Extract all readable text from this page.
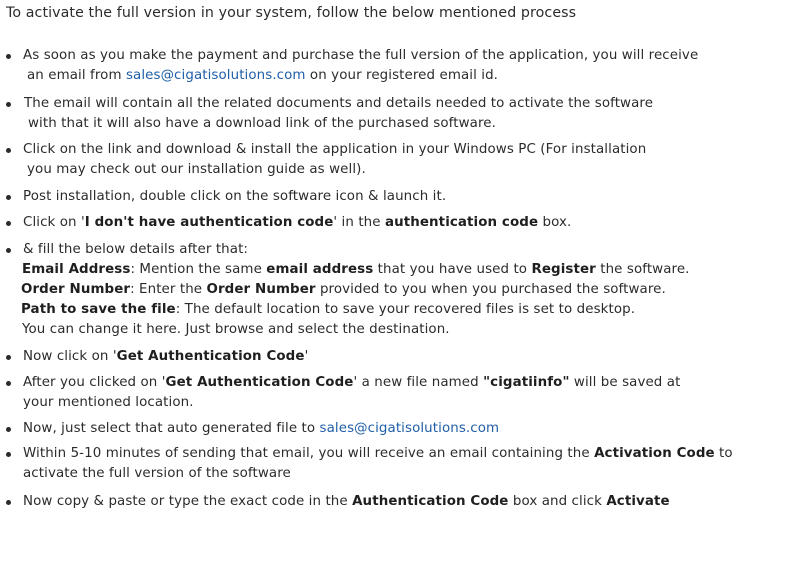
To activate the full version in your system, follow the below mentioned process

As soon as you make the payment and purchase the full version of the application, you will receive
an email from sales@cigatisolutions.com on your registered email id.
The email will contain all the related documents and details needed to activate the software
with that it will also have a download link of the purchased software.
Click on the link and download & install the application in your Windows PC (For installation
you may check out our installation guide as well).
Post installation, double click on the software icon & launch it.
Click on 'I don't have authentication code' in the authentication code box.
& fill the below details after that:
Email Address: Mention the same email address that you have used to Register the software.
Order Number: Enter the Order Number provided to you when you purchased the software.
Path to save the file: The default location to save your recovered files is set to desktop.
You can change it here. Just browse and select the destination.
Now click on 'Get Authentication Code'
After you clicked on 'Get Authentication Code' a new file named "cigatiinfo" will be saved at
your mentioned location.
Now, just select that auto generated file to sales@cigatisolutions.com
Within 5-10 minutes of sending that email, you will receive an email containing the Activation Code to
activate the full version of the software
Now copy & paste or type the exact code in the Authentication Code box and click Activate
